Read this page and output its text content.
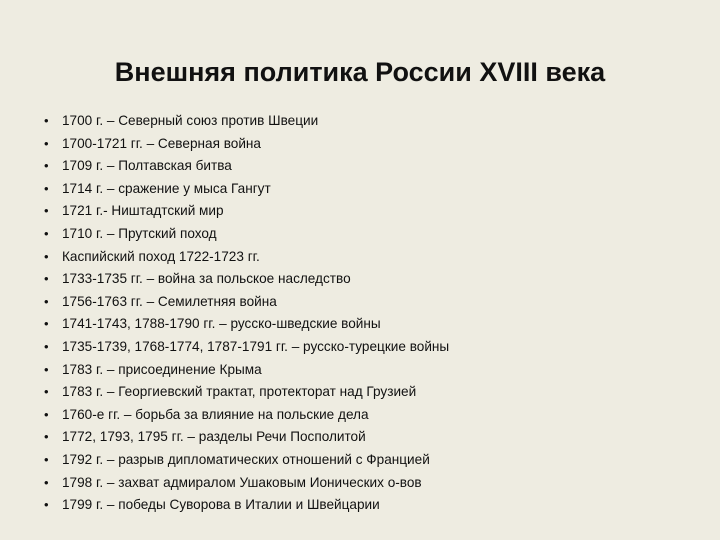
Внешняя политика России XVIII века
• 1700 г. – Северный союз против Швеции
• 1700-1721 гг. – Северная война
• 1709 г. – Полтавская битва
• 1714 г. – сражение у мыса Гангут
• 1721 г.- Ништадтский мир
• 1710 г. – Прутский поход
• Каспийский поход 1722-1723 гг.
• 1733-1735 гг. – война за польское наследство
• 1756-1763 гг. – Семилетняя война
• 1741-1743, 1788-1790 гг. – русско-шведские войны
• 1735-1739, 1768-1774, 1787-1791 гг. – русско-турецкие войны
• 1783 г. – присоединение Крыма
• 1783 г. – Георгиевский трактат, протекторат над Грузией
• 1760-е гг. – борьба за влияние на польские дела
• 1772, 1793, 1795 гг. – разделы Речи Посполитой
• 1792 г. – разрыв дипломатических отношений с Францией
• 1798 г. – захват адмиралом Ушаковым Ионических о-вов
• 1799 г. – победы Суворова в Италии и Швейцарии
